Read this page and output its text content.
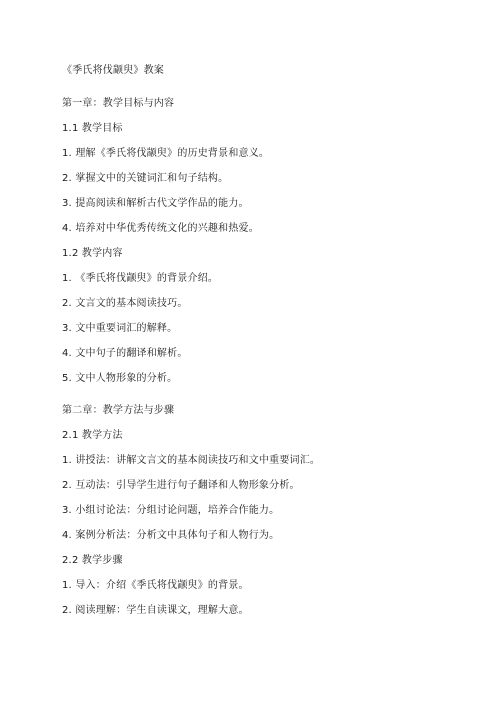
《季氏将伐颛臾》教案
第一章：教学目标与内容
1.1 教学目标
1. 理解《季氏将伐颛臾》的历史背景和意义。
2. 掌握文中的关键词汇和句子结构。
3. 提高阅读和解析古代文学作品的能力。
4. 培养对中华优秀传统文化的兴趣和热爱。
1.2 教学内容
1. 《季氏将伐颛臾》的背景介绍。
2. 文言文的基本阅读技巧。
3. 文中重要词汇的解释。
4. 文中句子的翻译和解析。
5. 文中人物形象的分析。
第二章：教学方法与步骤
2.1 教学方法
1. 讲授法：讲解文言文的基本阅读技巧和文中重要词汇。
2. 互动法：引导学生进行句子翻译和人物形象分析。
3. 小组讨论法：分组讨论问题，培养合作能力。
4. 案例分析法：分析文中具体句子和人物行为。
2.2 教学步骤
1. 导入：介绍《季氏将伐颛臾》的背景。
2. 阅读理解：学生自读课文，理解大意。
